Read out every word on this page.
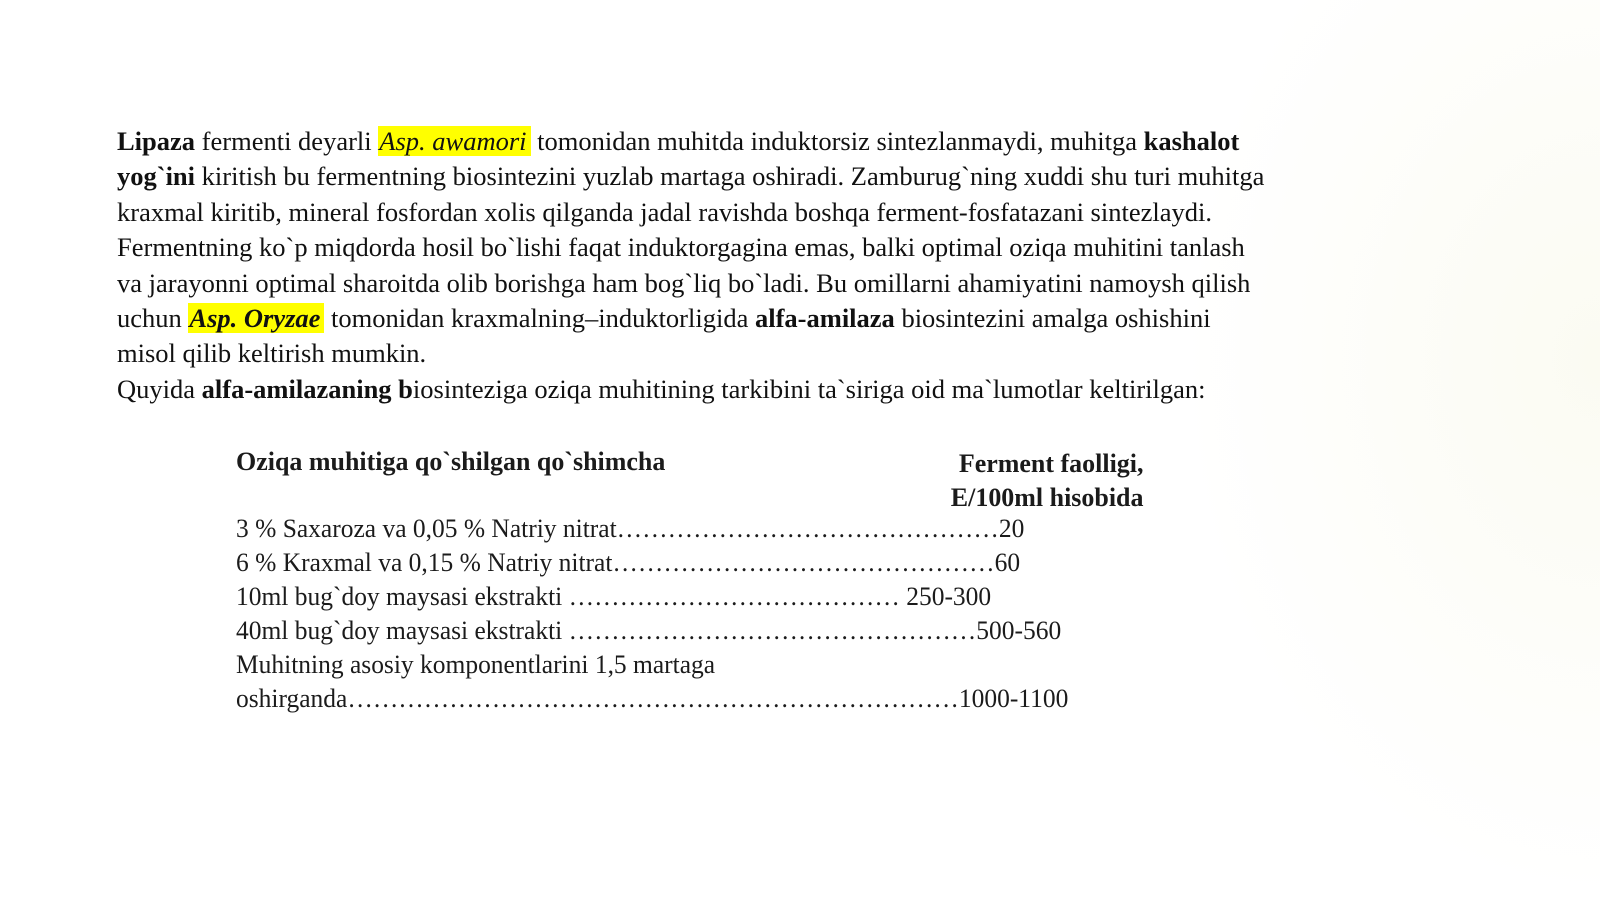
Lipaza fermenti deyarli Asp. awamori tomonidan muhitda induktorsiz sintezlanmaydi, muhitga kashalot
yog`ini kiritish bu fermentning biosintezini yuzlab martaga oshiradi. Zamburug`ning xuddi shu turi muhitga
kraxmal kiritib, mineral fosfordan xolis qilganda jadal ravishda boshqa ferment-fosfatazani sintezlaydi.
Fermentning ko`p miqdorda hosil bo`lishi faqat induktorgagina emas, balki optimal oziqa muhitini tanlash
va jarayonni optimal sharoitda olib borishga ham bog`liq bo`ladi. Bu omillarni ahamiyatini namoysh qilish
uchun Asp. Oryzae tomonidan kraxmalning–induktorligida alfa-amilaza biosintezini amalga oshishini
misol qilib keltirish mumkin.
Quyida alfa-amilazaning biosinteziga oziqa muhitining tarkibini ta`siriga oid ma`lumotlar keltirilgan:
Oziqa muhitiga qo`shilgan qo`shimcha	Ferment faolligi,
E/100ml hisobida
3 % Saxaroza va 0,05 % Natriy nitrat………………………………………20
6 % Kraxmal va 0,15 % Natriy nitrat………………………………………60
10ml bug`doy maysasi ekstrakti ………………………………… 250-300
40ml bug`doy maysasi ekstrakti …………………………………………500-560
Muhitning asosiy komponentlarini 1,5 martaga
oshirganda………………………………………………………………1000-1100
